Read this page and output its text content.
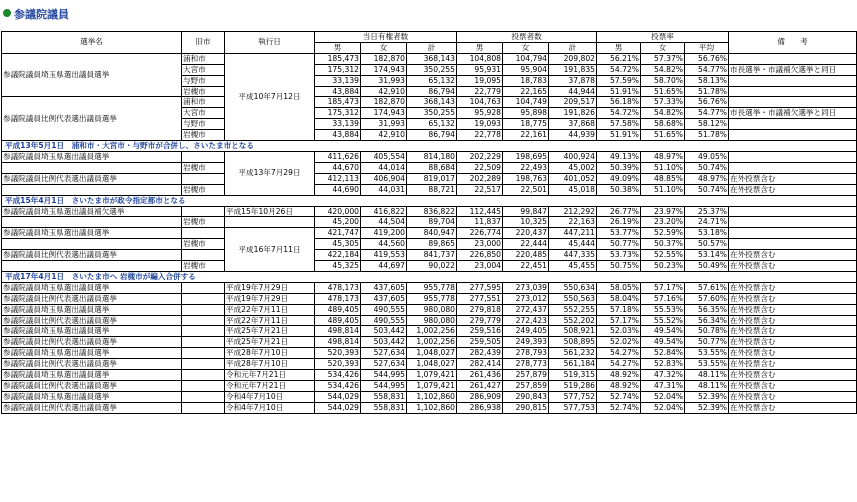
参議院議員
選挙名	旧市	執行日	当日有権者数			投票者数			投票率			備　　考
			男	女	計	男	女	計	男	女	平均	
参議院議員埼玉県選出議員選挙	浦和市	平成10年7月12日	185,473	182,870	368,143	104,808	104,794	209,802	56.21%	57.37%	56.76%	
	大宮市		175,312	174,943	350,255	95,931	95,904	191,835	54.72%	54.82%	54.77%	市長選挙・市議補欠選挙と同日
	与野市		33,139	31,993	65,132	19,095	18,783	37,878	57.59%	58.70%	58.13%	
	岩槻市		43,884	42,910	86,794	22,779	22,165	44,944	51.91%	51.65%	51.78%	
参議院議員比例代表選出議員選挙	浦和市		185,473	182,870	368,143	104,763	104,749	209,517	56.18%	57.33%	56.76%	
	大宮市		175,312	174,943	350,255	95,928	95,898	191,826	54.72%	54.82%	54.77%	市長選挙・市議補欠選挙と同日
	与野市		33,139	31,993	65,132	19,093	18,775	37,868	57.58%	58.68%	58.12%	
	岩槻市		43,884	42,910	86,794	22,778	22,161	44,939	51.91%	51.65%	51.78%	
平成13年5月1日　浦和市・大宮市・与野市が合併し、さいたま市となる												
参議院議員埼玉県選出議員選挙		平成13年7月29日	411,626	405,554	814,180	202,229	198,695	400,924	49.13%	48.97%	49.05%	
	岩槻市		44,670	44,014	88,684	22,509	22,493	45,002	50.39%	51.10%	50.74%	
参議院議員比例代表選出議員選挙			412,113	406,904	819,017	202,289	198,763	401,052	49.09%	48.85%	48.97%	在外投票含む
	岩槻市		44,690	44,031	88,721	22,517	22,501	45,018	50.38%	51.10%	50.74%	在外投票含む
平成15年4月1日　さいたま市が政令指定都市となる												
参議院議員埼玉県選出議員補欠選挙		平成15年10月26日	420,000	416,822	836,822	112,445	99,847	212,292	26.77%	23.97%	25.37%	
	岩槻市		45,200	44,504	89,704	11,837	10,325	22,163	26.19%	23.20%	24.71%	
参議院議員埼玉県選出議員選挙		平成16年7月11日	421,747	419,200	840,947	226,774	220,437	447,211	53.77%	52.59%	53.18%	
	岩槻市		45,305	44,560	89,865	23,000	22,444	45,444	50.77%	50.37%	50.57%	
参議院議員比例代表選出議員選挙			422,184	419,553	841,737	226,850	220,485	447,335	53.73%	52.55%	53.14%	在外投票含む
	岩槻市		45,325	44,697	90,022	23,004	22,451	45,455	50.75%	50.23%	50.49%	在外投票含む
平成17年4月1日　さいたま市へ 岩槻市が編入合併する												
参議院議員埼玉県選出議員選挙		平成19年7月29日	478,173	437,605	955,778	277,595	273,039	550,634	58.05%	57.17%	57.61%	在外投票含む
参議院議員比例代表選出議員選挙		平成19年7月29日	478,173	437,605	955,778	277,551	273,012	550,563	58.04%	57.16%	57.60%	在外投票含む
参議院議員埼玉県選出議員選挙		平成22年7月11日	489,405	490,555	980,080	279,818	272,437	552,255	57.18%	55.53%	56.35%	在外投票含む
参議院議員比例代表選出議員選挙		平成22年7月11日	489,405	490,555	980,080	279,779	272,423	552,202	57.17%	55.52%	56.34%	在外投票含む
参議院議員埼玉県選出議員選挙		平成25年7月21日	498,814	503,442	1,002,256	259,516	249,405	508,921	52.03%	49.54%	50.78%	在外投票含む
参議院議員比例代表選出議員選挙		平成25年7月21日	498,814	503,442	1,002,256	259,505	249,393	508,895	52.02%	49.54%	50.77%	在外投票含む
参議院議員埼玉県選出議員選挙		平成28年7月10日	520,393	527,634	1,048,027	282,439	278,793	561,232	54.27%	52.84%	53.55%	在外投票含む
参議院議員比例代表選出議員選挙		平成28年7月10日	520,393	527,634	1,048,027	282,414	278,773	561,184	54.27%	52.83%	53.55%	在外投票含む
参議院議員埼玉県選出議員選挙		令和元年7月21日	534,426	544,995	1,079,421	261,436	257,879	519,315	48.92%	47.32%	48.11%	在外投票含む
参議院議員比例代表選出議員選挙		令和元年7月21日	534,426	544,995	1,079,421	261,427	257,859	519,286	48.92%	47.31%	48.11%	在外投票含む
参議院議員埼玉県選出議員選挙		令和4年7月10日	544,029	558,831	1,102,860	286,909	290,843	577,752	52.74%	52.04%	52.39%	在外投票含む
参議院議員比例代表選出議員選挙		令和4年7月10日	544,029	558,831	1,102,860	286,938	290,815	577,753	52.74%	52.04%	52.39%	在外投票含む
